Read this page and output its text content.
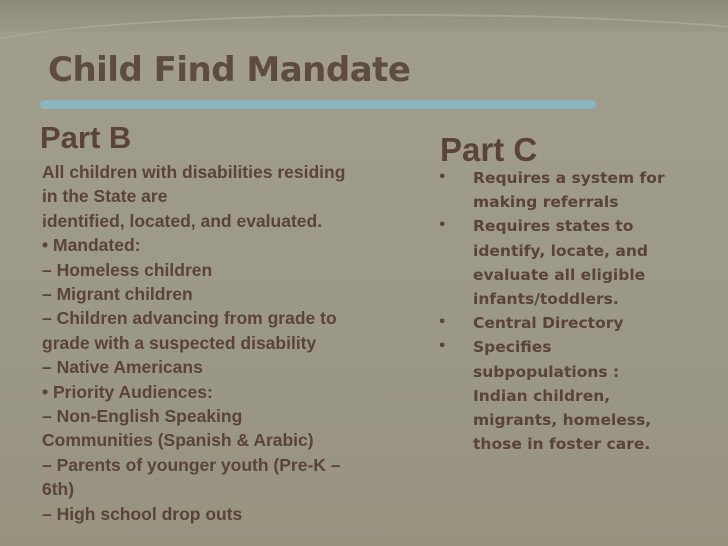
Child Find Mandate
Part B
All children with disabilities residing
in the State are
identified, located, and evaluated.
• Mandated:
– Homeless children
– Migrant children
– Children advancing from grade to
grade with a suspected disability
– Native Americans
• Priority Audiences:
– Non-English Speaking
Communities (Spanish & Arabic)
– Parents of younger youth (Pre-K –
6th)
– High school drop outs
Part C
• Requires a system for
making referrals
• Requires states to
identify, locate, and
evaluate all eligible
infants/toddlers.
• Central Directory
• Specifies
subpopulations :
Indian children,
migrants, homeless,
those in foster care.
